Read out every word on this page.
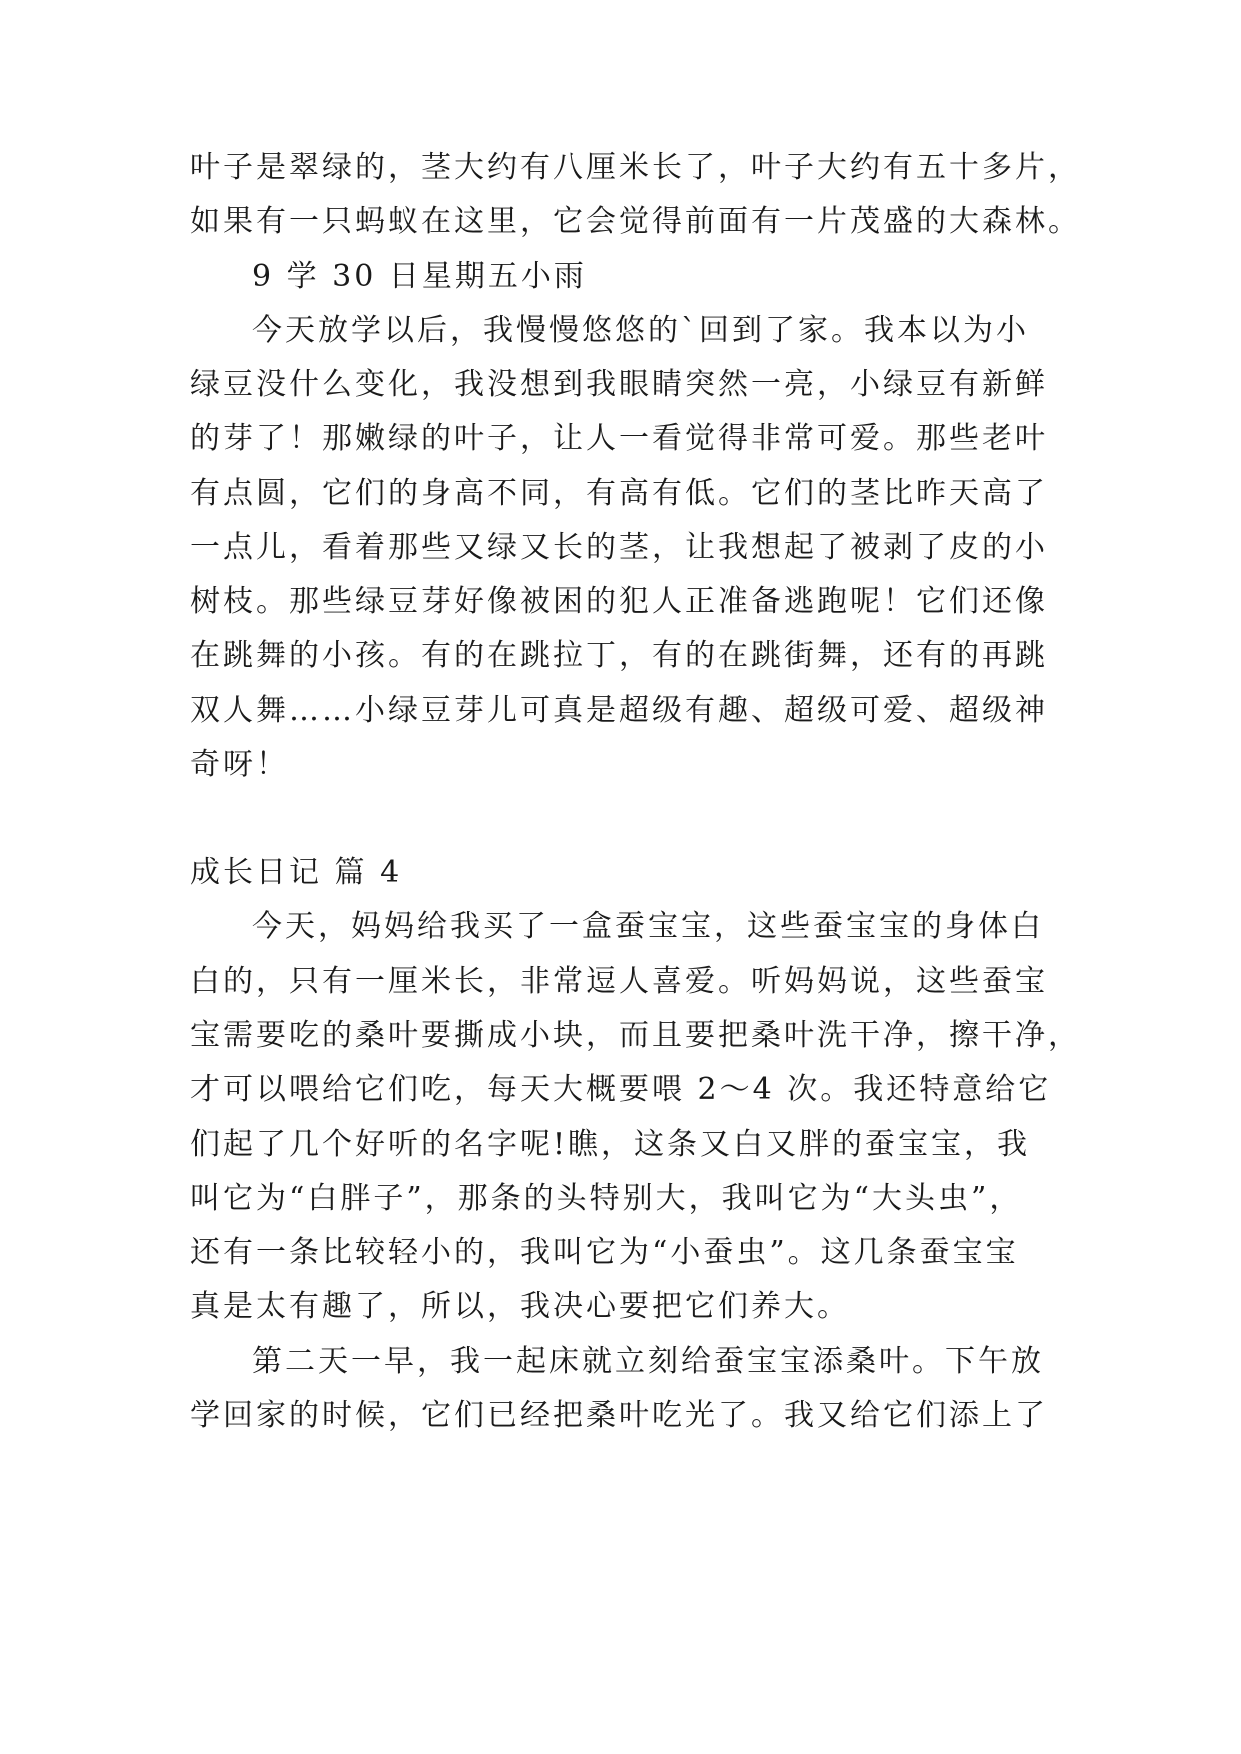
叶子是翠绿的，茎大约有八厘米长了，叶子大约有五十多片，
如果有一只蚂蚁在这里，它会觉得前面有一片茂盛的大森林。
9 学 30 日星期五小雨
今天放学以后，我慢慢悠悠的`回到了家。我本以为小
绿豆没什么变化，我没想到我眼睛突然一亮，小绿豆有新鲜
的芽了！那嫩绿的叶子，让人一看觉得非常可爱。那些老叶
有点圆，它们的身高不同，有高有低。它们的茎比昨天高了
一点儿，看着那些又绿又长的茎，让我想起了被剥了皮的小
树枝。那些绿豆芽好像被困的犯人正准备逃跑呢！它们还像
在跳舞的小孩。有的在跳拉丁，有的在跳街舞，还有的再跳
双人舞……小绿豆芽儿可真是超级有趣、超级可爱、超级神
奇呀！
成长日记 篇 4
今天，妈妈给我买了一盒蚕宝宝，这些蚕宝宝的身体白
白的，只有一厘米长，非常逗人喜爱。听妈妈说，这些蚕宝
宝需要吃的桑叶要撕成小块，而且要把桑叶洗干净，擦干净，
才可以喂给它们吃，每天大概要喂 2～4 次。我还特意给它
们起了几个好听的名字呢!瞧，这条又白又胖的蚕宝宝，我
叫它为“白胖子”，那条的头特别大，我叫它为“大头虫”，
还有一条比较轻小的，我叫它为“小蚕虫”。这几条蚕宝宝
真是太有趣了，所以，我决心要把它们养大。
第二天一早，我一起床就立刻给蚕宝宝添桑叶。下午放
学回家的时候，它们已经把桑叶吃光了。我又给它们添上了
